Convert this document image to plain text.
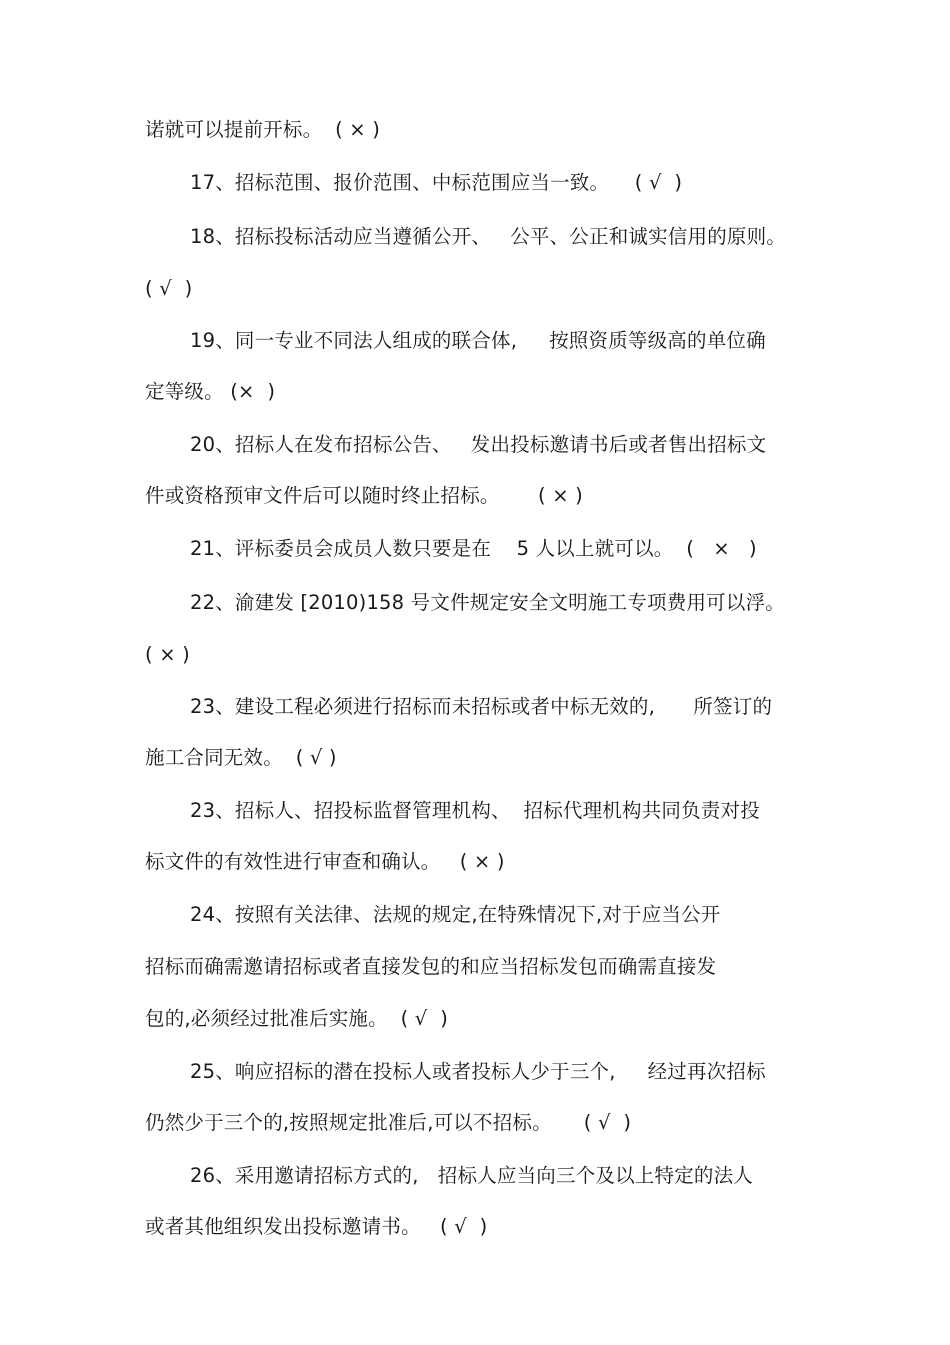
诺就可以提前开标。  ( × )
17、招标范围、报价范围、中标范围应当一致。    ( √  )
18、招标投标活动应当遵循公开、   公平、公正和诚实信用的原则。
( √  )
19、同一专业不同法人组成的联合体,     按照资质等级高的单位确
定等级。 (×  )
20、招标人在发布招标公告、   发出投标邀请书后或者售出招标文
件或资格预审文件后可以随时终止招标。      ( × )
21、评标委员会成员人数只要是在    5 人以上就可以。  (   ×   )
22、渝建发 [2010)158 号文件规定安全文明施工专项费用可以浮。
( × )
23、建设工程必须进行招标而未招标或者中标无效的,      所签订的
施工合同无效。  ( √ )
23、招标人、招投标监督管理机构、  招标代理机构共同负责对投
标文件的有效性进行审查和确认。   ( × )
24、按照有关法律、法规的规定,在特殊情况下,对于应当公开
招标而确需邀请招标或者直接发包的和应当招标发包而确需直接发
包的,必须经过批准后实施。  ( √  )
25、响应招标的潜在投标人或者投标人少于三个,     经过再次招标
仍然少于三个的,按照规定批准后,可以不招标。     ( √  )
26、采用邀请招标方式的,   招标人应当向三个及以上特定的法人
或者其他组织发出投标邀请书。   ( √  )
